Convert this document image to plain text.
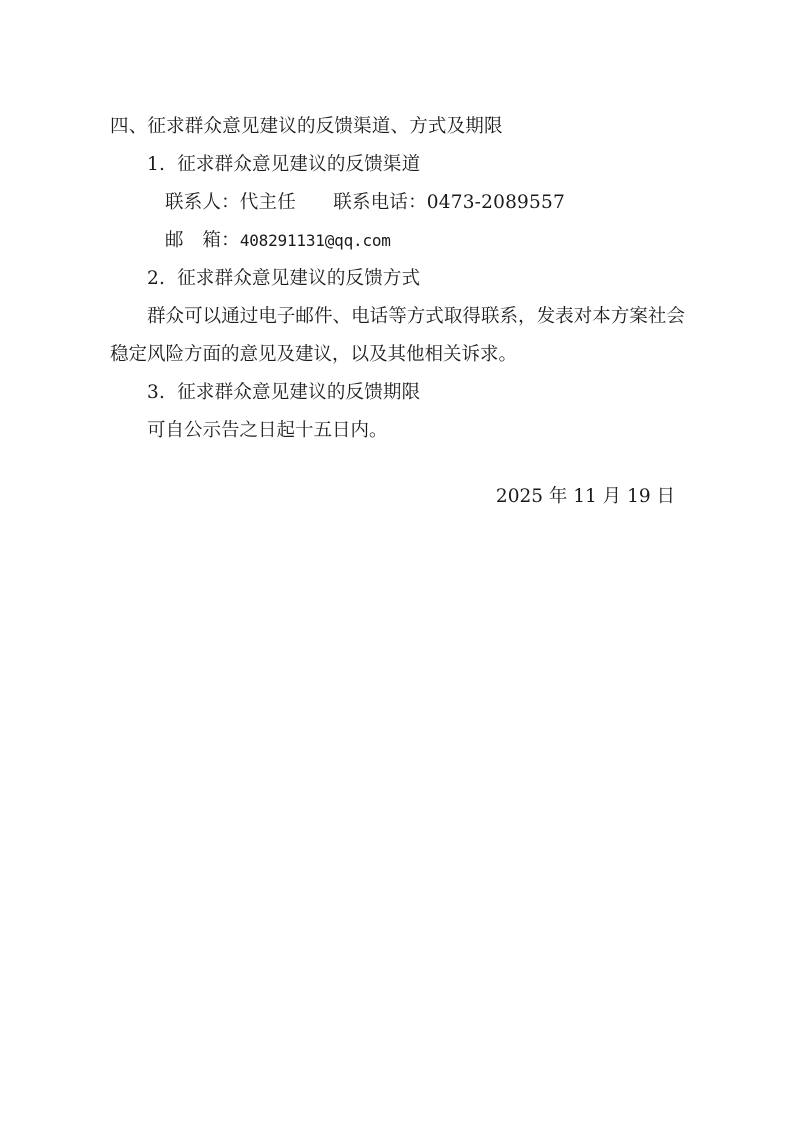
四、征求群众意见建议的反馈渠道、方式及期限
1. 征求群众意见建议的反馈渠道
联系人：代主任　　联系电话：0473-2089557
邮　箱：408291131@qq.com
2. 征求群众意见建议的反馈方式
群众可以通过电子邮件、电话等方式取得联系，发表对本方案社会稳定风险方面的意见及建议，以及其他相关诉求。
3. 征求群众意见建议的反馈期限
可自公示告之日起十五日内。
2025 年 11 月 19 日
